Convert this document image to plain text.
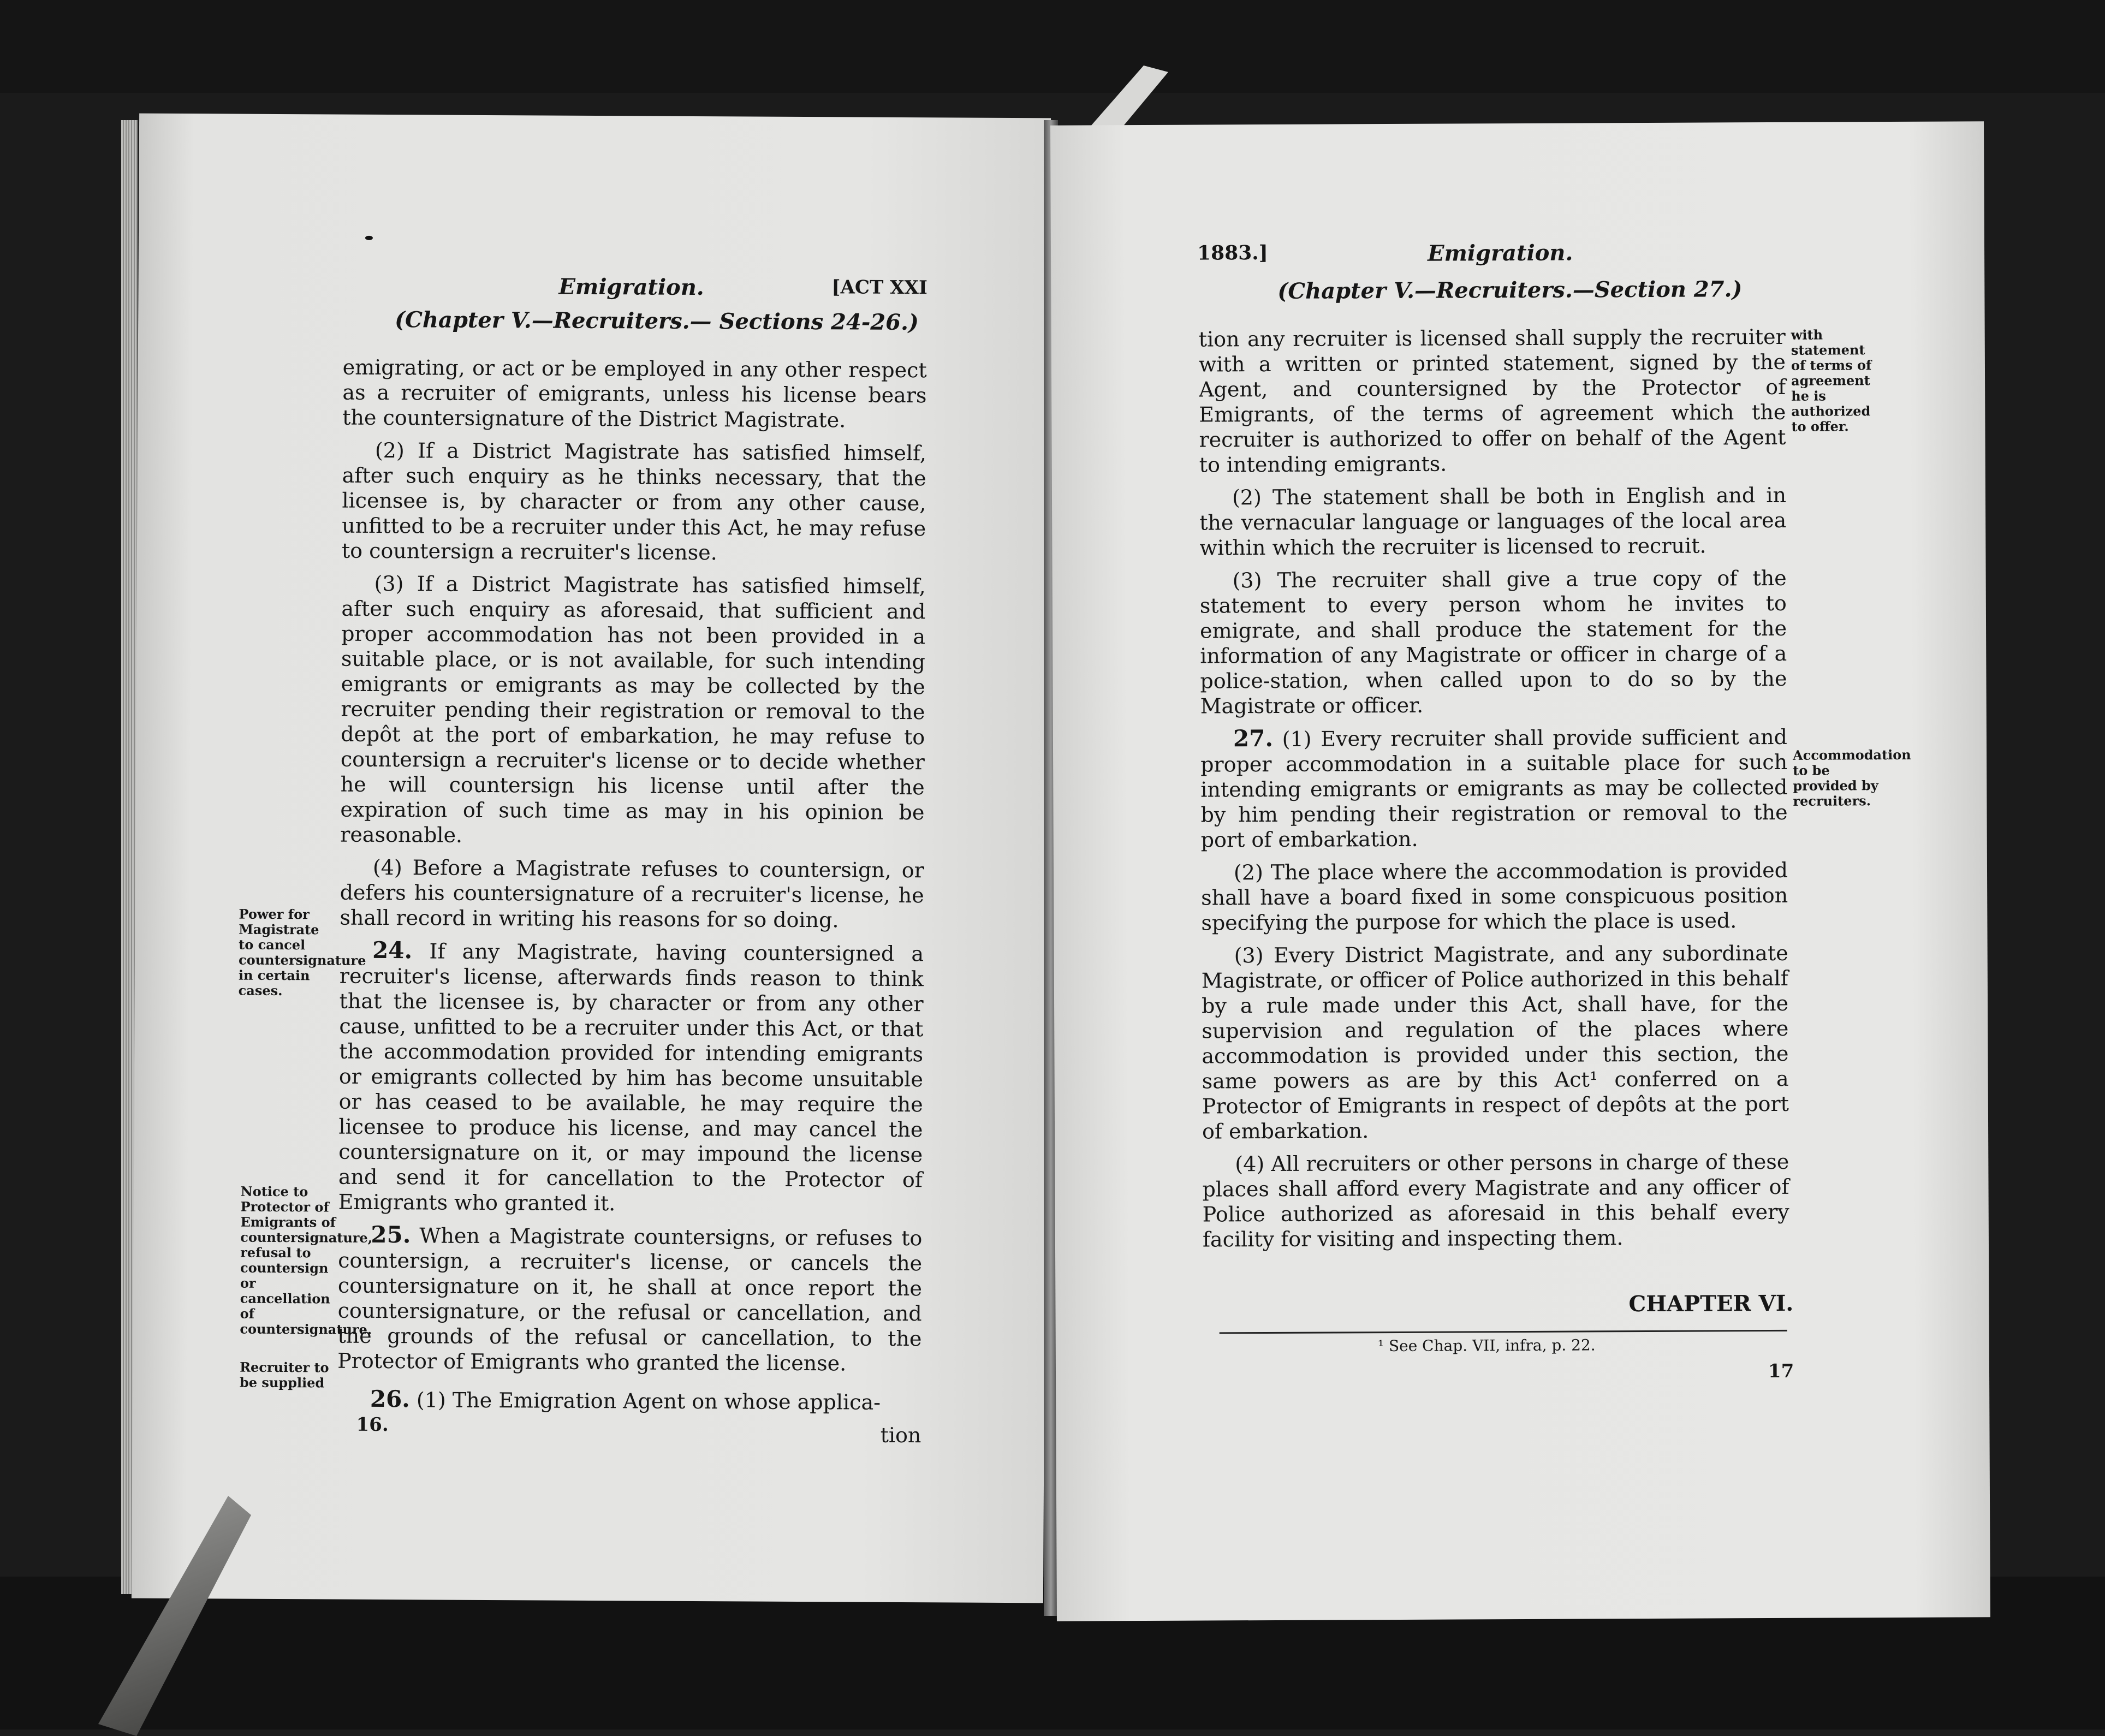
Emigration.	[ACT XXI
(Chapter V.—Recruiters.— Sections 24-26.)

emigrating, or act or be employed in any other respect as a recruiter of emigrants, unless his license bears the countersignature of the District Magistrate.

(2) If a District Magistrate has satisfied himself, after such enquiry as he thinks necessary, that the licensee is, by character or from any other cause, unfitted to be a recruiter under this Act, he may refuse to countersign a recruiter's license.

(3) If a District Magistrate has satisfied himself, after such enquiry as aforesaid, that sufficient and proper accommodation has not been provided in a suitable place, or is not available, for such intending emigrants or emigrants as may be collected by the recruiter pending their registration or removal to the depôt at the port of embarkation, he may refuse to countersign a recruiter's license or to decide whether he will countersign his license until after the expiration of such time as may in his opinion be reasonable.

(4) Before a Magistrate refuses to countersign, or defers his countersignature of a recruiter's license, he shall record in writing his reasons for so doing.

24. If any Magistrate, having countersigned a recruiter's license, afterwards finds reason to think that the licensee is, by character or from any other cause, unfitted to be a recruiter under this Act, or that the accommodation provided for intending emigrants or emigrants collected by him has become unsuitable or has ceased to be available, he may require the licensee to produce his license, and may cancel the countersignature on it, or may impound the license and send it for cancellation to the Protector of Emigrants who granted it.

25. When a Magistrate countersigns, or refuses to countersign, a recruiter's license, or cancels the countersignature on it, he shall at once report the countersignature, or the refusal or cancellation, and the grounds of the refusal or cancellation, to the Protector of Emigrants who granted the license.

26. (1) The Emigration Agent on whose applica-

tion

Power for Magistrate to cancel countersignature in certain cases.
Notice to Protector of Emigrants of countersignature, refusal to countersign or cancellation of countersignature.
Recruiter to be supplied
16.
1883.]	Emigration.
(Chapter V.—Recruiters.—Section 27.)

tion any recruiter is licensed shall supply the recruiter with a written or printed statement, signed by the Agent, and countersigned by the Protector of Emigrants, of the terms of agreement which the recruiter is authorized to offer on behalf of the Agent to intending emigrants.

(2) The statement shall be both in English and in the vernacular language or languages of the local area within which the recruiter is licensed to recruit.

(3) The recruiter shall give a true copy of the statement to every person whom he invites to emigrate, and shall produce the statement for the information of any Magistrate or officer in charge of a police-station, when called upon to do so by the Magistrate or officer.

27. (1) Every recruiter shall provide sufficient and proper accommodation in a suitable place for such intending emigrants or emigrants as may be collected by him pending their registration or removal to the port of embarkation.

(2) The place where the accommodation is provided shall have a board fixed in some conspicuous position specifying the purpose for which the place is used.

(3) Every District Magistrate, and any subordinate Magistrate, or officer of Police authorized in this behalf by a rule made under this Act, shall have, for the supervision and regulation of the places where accommodation is provided under this section, the same powers as are by this Act¹ conferred on a Protector of Emigrants in respect of depôts at the port of embarkation.

(4) All recruiters or other persons in charge of these places shall afford every Magistrate and any officer of Police authorized as aforesaid in this behalf every facility for visiting and inspecting them.

CHAPTER VI.
¹ See Chap. VII, infra, p. 22.
with statement of terms of agreement he is authorized to offer.
Accommodation to be provided by recruiters.
17
